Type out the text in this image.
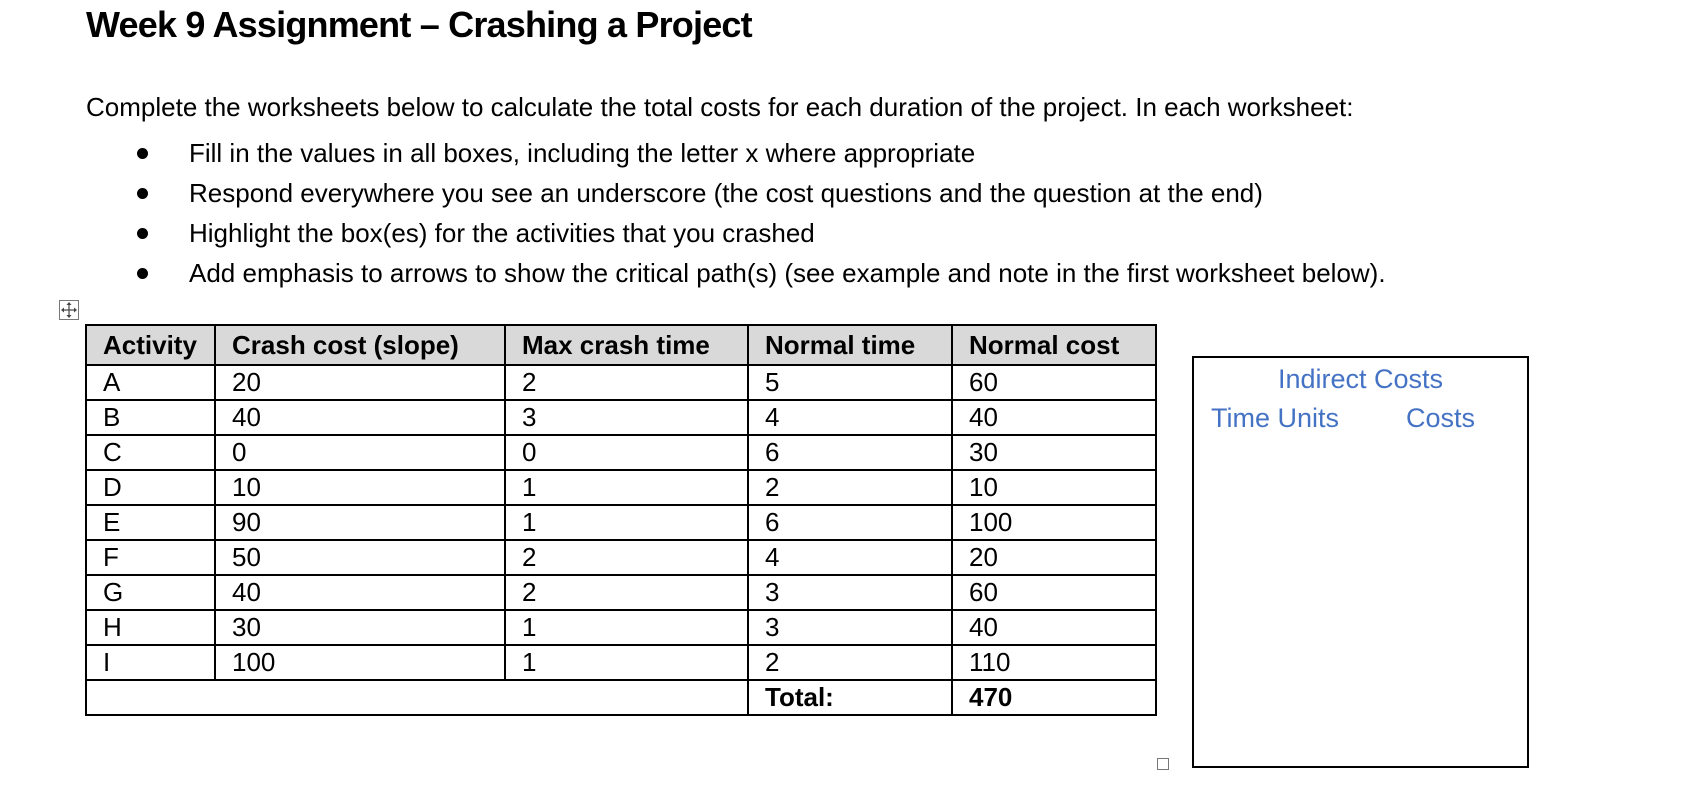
Week 9 Assignment – Crashing a Project
Complete the worksheets below to calculate the total costs for each duration of the project. In each worksheet:
Fill in the values in all boxes, including the letter x where appropriate
Respond everywhere you see an underscore (the cost questions and the question at the end)
Highlight the box(es) for the activities that you crashed
Add emphasis to arrows to show the critical path(s) (see example and note in the first worksheet below).
Activity	Crash cost (slope)	Max crash time	Normal time	Normal cost
A	20	2	5	60
B	40	3	4	40
C	0	0	6	30
D	10	1	2	10
E	90	1	6	100
F	50	2	4	20
G	40	2	3	60
H	30	1	3	40
I	100	1	2	110
			Total:	470
Indirect Costs
Time Units Costs
